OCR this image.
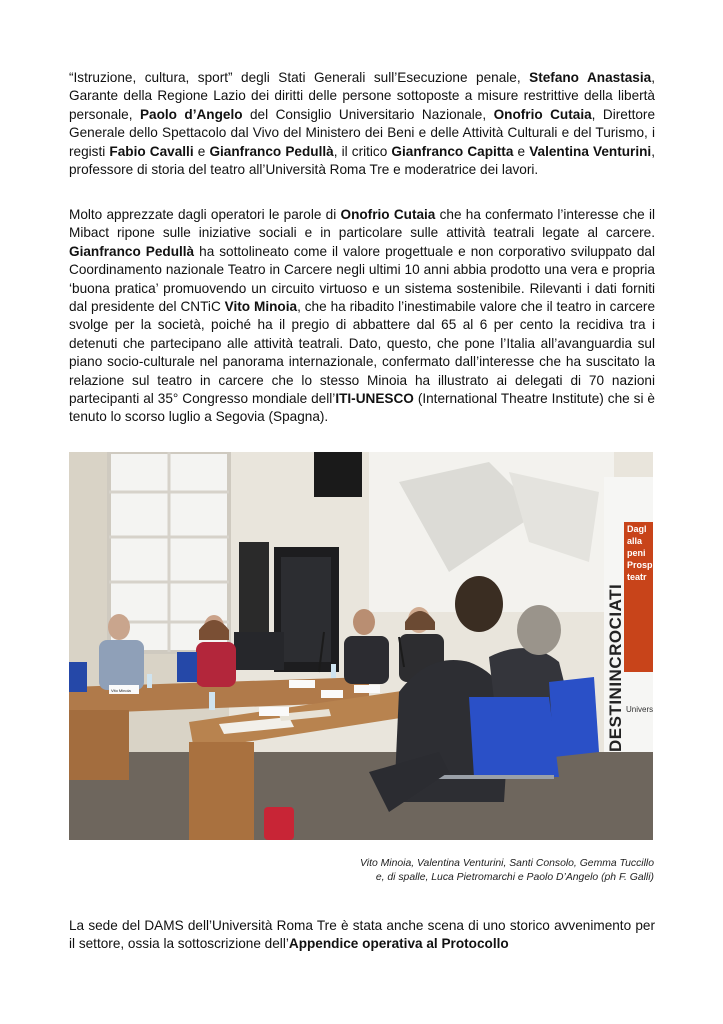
“Istruzione, cultura, sport” degli Stati Generali sull’Esecuzione penale, Stefano Anastasia, Garante della Regione Lazio dei diritti delle persone sottoposte a misure restrittive della libertà personale, Paolo d’Angelo del Consiglio Universitario Nazionale, Onofrio Cutaia, Direttore Generale dello Spettacolo dal Vivo del Ministero dei Beni e delle Attività Culturali e del Turismo, i registi Fabio Cavalli e Gianfranco Pedullà, il critico Gianfranco Capitta e Valentina Venturini, professore di storia del teatro all’Università Roma Tre e moderatrice dei lavori.

Molto apprezzate dagli operatori le parole di Onofrio Cutaia che ha confermato l’interesse che il Mibact ripone sulle iniziative sociali e in particolare sulle attività teatrali legate al carcere. Gianfranco Pedullà ha sottolineato come il valore progettuale e non corporativo sviluppato dal Coordinamento nazionale Teatro in Carcere negli ultimi 10 anni abbia prodotto una vera e propria ‘buona pratica’ promuovendo un circuito virtuoso e un sistema sostenibile. Rilevanti i dati forniti dal presidente del CNTiC Vito Minoia, che ha ribadito l’inestimabile valore che il teatro in carcere svolge per la società, poiché ha il pregio di abbattere dal 65 al 6 per cento la recidiva tra i detenuti che partecipano alle attività teatrali. Dato, questo, che pone l’Italia all’avanguardia sul piano socio-culturale nel panorama internazionale, confermato dall’interesse che ha suscitato la relazione sul teatro in carcere che lo stesso Minoia ha illustrato ai delegati di 70 nazioni partecipanti al 35° Congresso mondiale dell’ITI-UNESCO (International Theatre Institute) che si è tenuto lo scorso luglio a Segovia (Spagna).

Dagl
alla
peni
Prosp
teatr
Univers
DESTININCROCIATI
Vito Minoia
Vito Minoia, Valentina Venturini, Santi Consolo, Gemma Tuccillo
e, di spalle, Luca Pietromarchi e Paolo D’Angelo (ph F. Galli)

La sede del DAMS dell’Università Roma Tre è stata anche scena di uno storico avvenimento per il settore, ossia la sottoscrizione dell’Appendice operativa al Protocollo
